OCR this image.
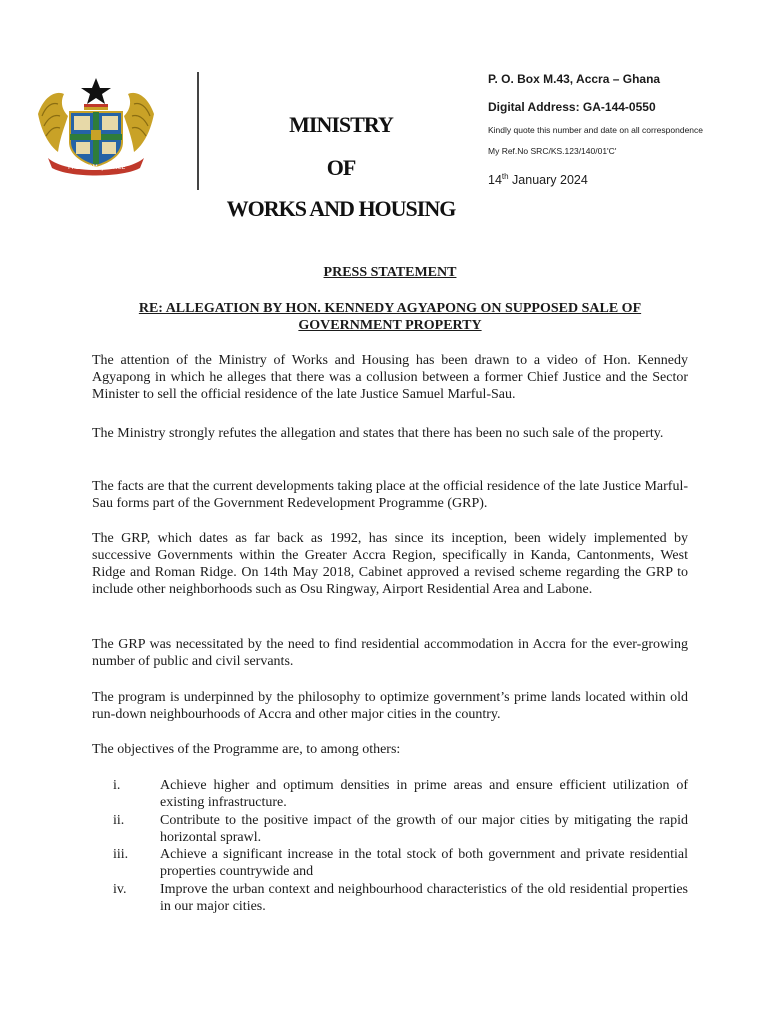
FREEDOM JUSTICE
MINISTRY
OF
WORKS AND HOUSING
P. O. Box M.43, Accra – Ghana
Digital Address: GA-144-0550
Kindly quote this number and date on all correspondence
My Ref.No SRC/KS.123/140/01'C'
14th January 2024
PRESS STATEMENT
RE: ALLEGATION BY HON. KENNEDY AGYAPONG ON SUPPOSED SALE OF GOVERNMENT PROPERTY
The attention of the Ministry of Works and Housing has been drawn to a video of Hon. Kennedy Agyapong in which he alleges that there was a collusion between a former Chief Justice and the Sector Minister to sell the official residence of the late Justice Samuel Marful-Sau.
The Ministry strongly refutes the allegation and states that there has been no such sale of the property.
The facts are that the current developments taking place at the official residence of the late Justice Marful-Sau forms part of the Government Redevelopment Programme (GRP).
The GRP, which dates as far back as 1992, has since its inception, been widely implemented by successive Governments within the Greater Accra Region, specifically in Kanda, Cantonments, West Ridge and Roman Ridge. On 14th May 2018, Cabinet approved a revised scheme regarding the GRP to include other neighborhoods such as Osu Ringway, Airport Residential Area and Labone.
The GRP was necessitated by the need to find residential accommodation in Accra for the ever-growing number of public and civil servants.
The program is underpinned by the philosophy to optimize government’s prime lands located within old run-down neighbourhoods of Accra and other major cities in the country.
The objectives of the Programme are, to among others:
i.	Achieve higher and optimum densities in prime areas and ensure efficient utilization of existing infrastructure.
ii.	Contribute to the positive impact of the growth of our major cities by mitigating the rapid horizontal sprawl.
iii. Achieve a significant increase in the total stock of both government and private residential properties countrywide and
iv. Improve the urban context and neighbourhood characteristics of the old residential properties in our major cities.
